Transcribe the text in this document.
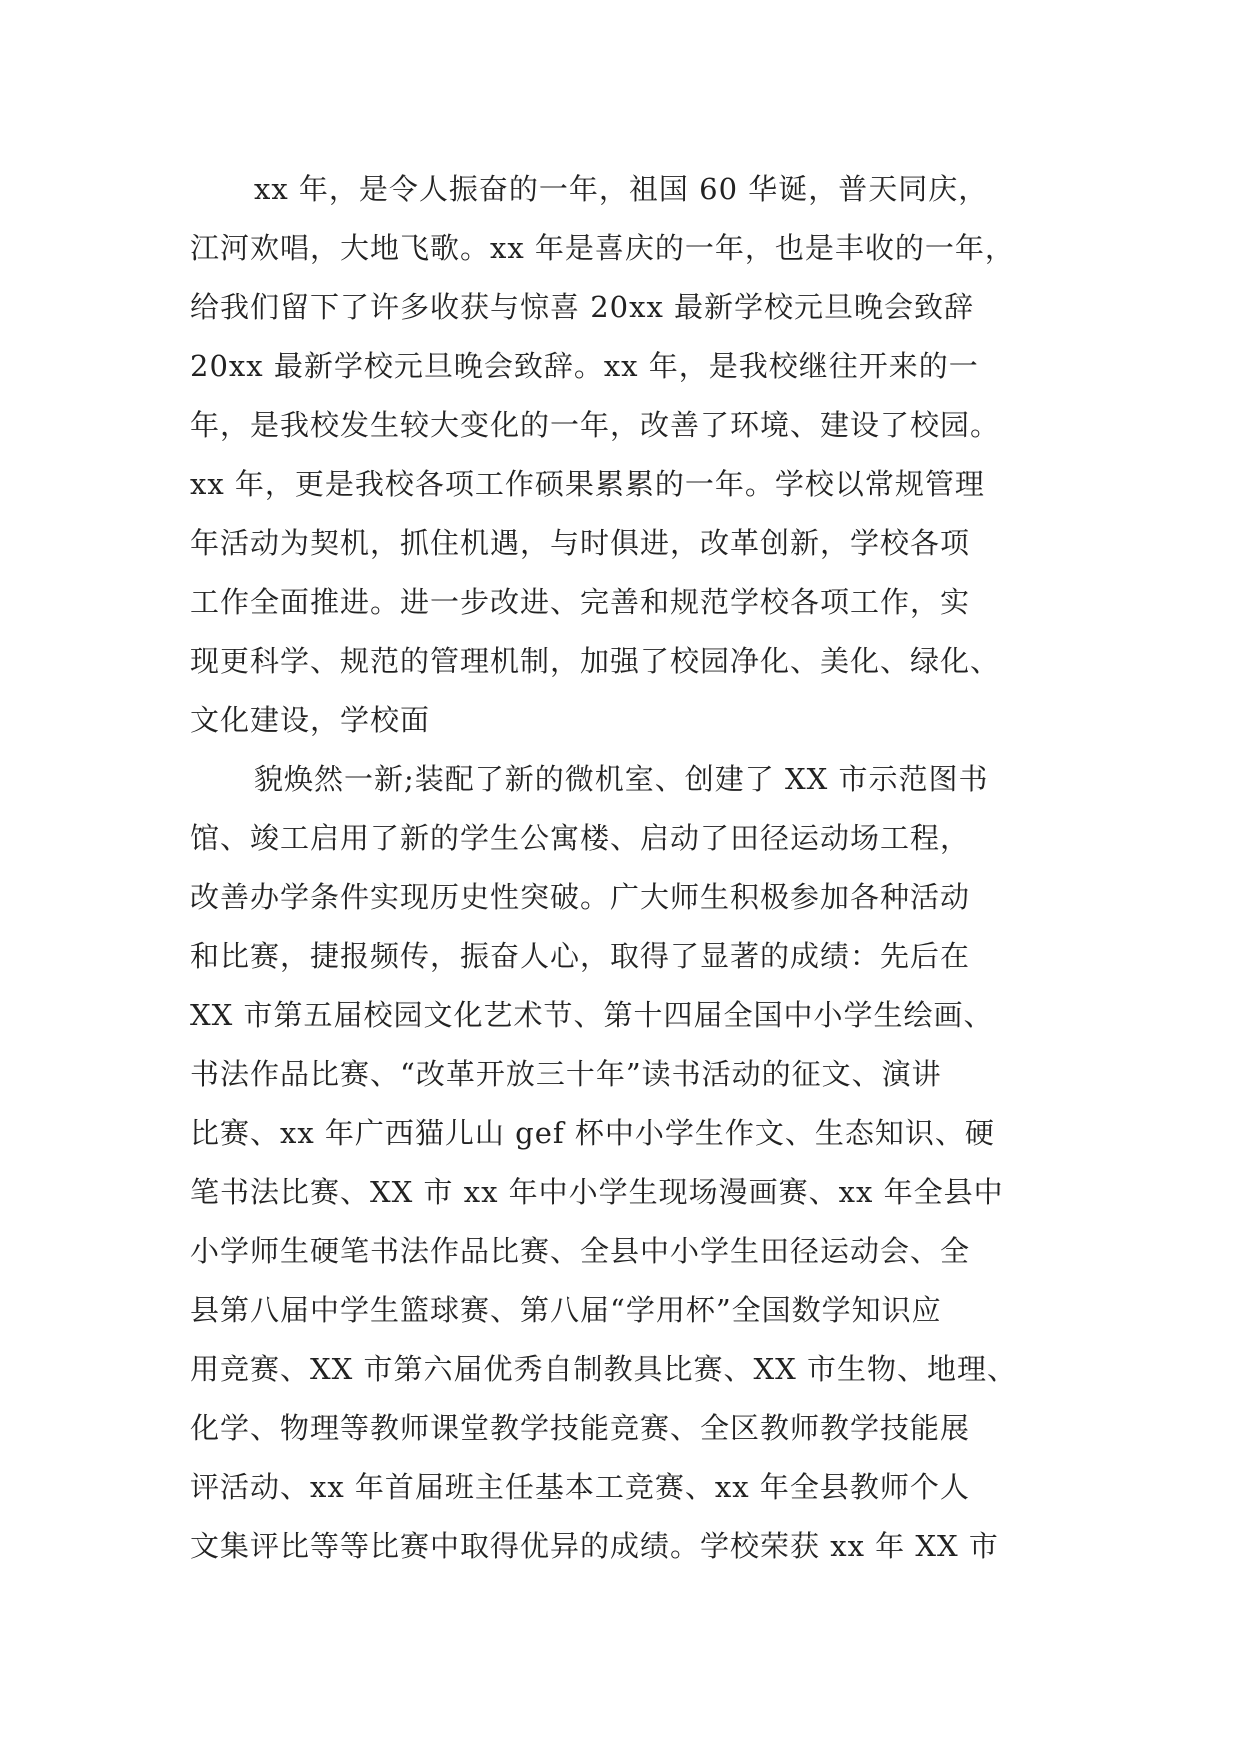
xx 年，是令人振奋的一年，祖国 60 华诞，普天同庆，
江河欢唱，大地飞歌。xx 年是喜庆的一年，也是丰收的一年，
给我们留下了许多收获与惊喜 20xx 最新学校元旦晚会致辞
20xx 最新学校元旦晚会致辞。xx 年，是我校继往开来的一
年，是我校发生较大变化的一年，改善了环境、建设了校园。
xx 年，更是我校各项工作硕果累累的一年。学校以常规管理
年活动为契机，抓住机遇，与时俱进，改革创新，学校各项
工作全面推进。进一步改进、完善和规范学校各项工作，实
现更科学、规范的管理机制，加强了校园净化、美化、绿化、
文化建设，学校面
貌焕然一新;装配了新的微机室、创建了 XX 市示范图书
馆、竣工启用了新的学生公寓楼、启动了田径运动场工程，
改善办学条件实现历史性突破。广大师生积极参加各种活动
和比赛，捷报频传，振奋人心，取得了显著的成绩：先后在
XX 市第五届校园文化艺术节、第十四届全国中小学生绘画、
书法作品比赛、“改革开放三十年”读书活动的征文、演讲
比赛、xx 年广西猫儿山 gef 杯中小学生作文、生态知识、硬
笔书法比赛、XX 市 xx 年中小学生现场漫画赛、xx 年全县中
小学师生硬笔书法作品比赛、全县中小学生田径运动会、全
县第八届中学生篮球赛、第八届“学用杯”全国数学知识应
用竞赛、XX 市第六届优秀自制教具比赛、XX 市生物、地理、
化学、物理等教师课堂教学技能竞赛、全区教师教学技能展
评活动、xx 年首届班主任基本工竞赛、xx 年全县教师个人
文集评比等等比赛中取得优异的成绩。学校荣获 xx 年 XX 市
